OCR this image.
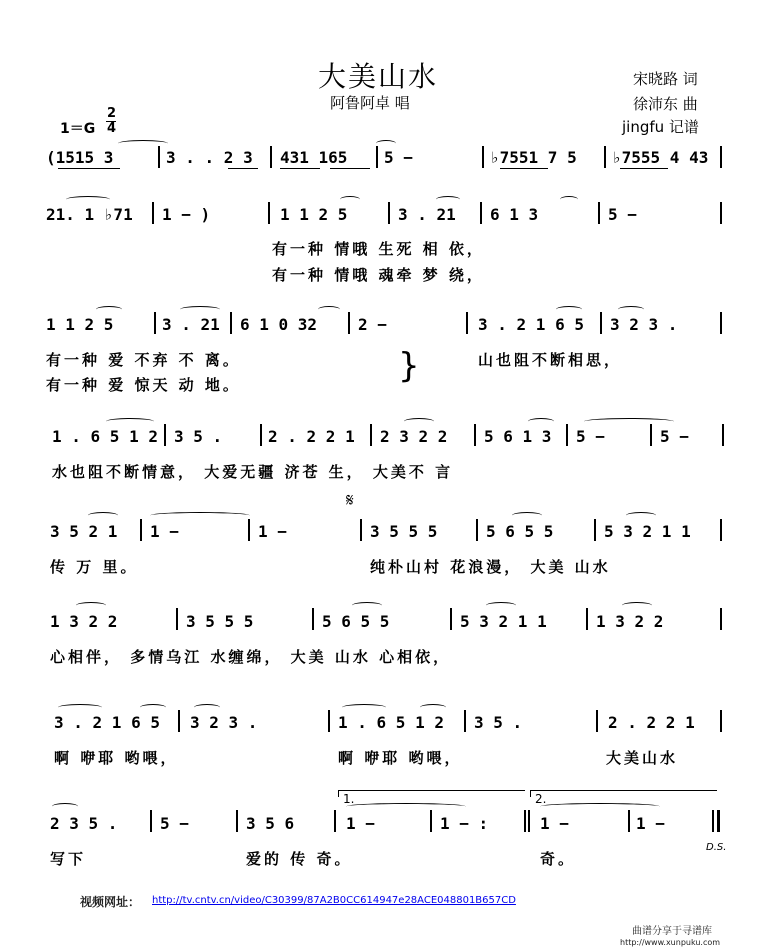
大美山水
阿鲁阿卓 唱
宋晓路 词
徐沛东 曲
jingfu 记谱
1＝G
2
4
(1515 3	3 . . 2 3 431 165 5 −	♭7551 7 5 ♭7555 4 43
21. 1 ♭71 1 − )	1 1 2 5	3 . 21 6 1 3	5 −
有一种 情哦 生死 相 依，
有一种 情哦 魂牵 梦 绕，
1 1 2 5	3 . 21 6 1 0 32	2 −	3 . 2 1 6 5 3 2 3 .
有一种 爱 不弃 不 离。
有一种 爱 惊天 动 地。	}	山也阻不断相思，
1 . 6 5 1 2 3 5 .	2 . 2 2 1 2 3 2 2 5 6 1 3 5 −	5 −
水也阻不断情意， 大爱无疆 济苍 生， 大美不 言
𝄋
3 5 2 1 1 −	1 −	3 5 5 5	5 6 5 5	5 3 2 1 1
传 万 里。	纯朴山村 花浪漫， 大美 山水
1 3 2 2	3 5 5 5	5 6 5 5	5 3 2 1 1	1 3 2 2
心相伴， 多情乌江 水缠绵， 大美 山水 心相依，
3 . 2 1 6 5 3 2 3 .	1 . 6 5 1 2 3 5 .	2 . 2 2 1
啊 咿耶 哟喂，	啊 咿耶 哟喂，	大美山水
2 3 5 .	5 −	3 5 6	1 −	1 − :	1 −	1 −
1.	2.
写下	爱的 传 奇。	奇。
D.S.
视频网址： http://tv.cntv.cn/video/C30399/87A2B0CC614947e28ACE048801B657CD
曲谱分享于寻谱库
http://www.xunpuku.com
